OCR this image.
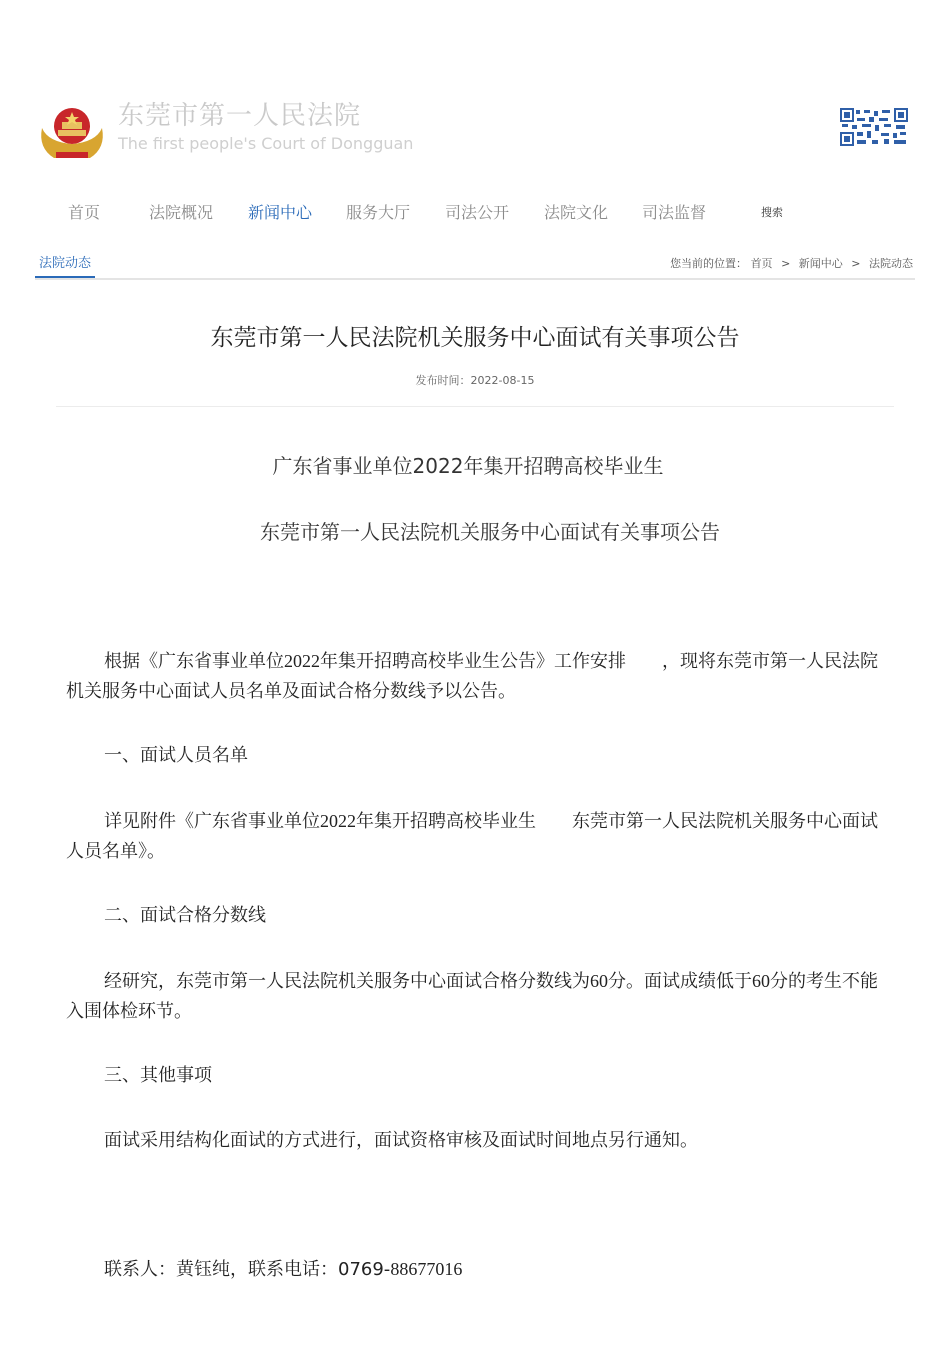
东莞市第一人民法院
The first people's Court of Dongguan
首页	法院概况 新闻中心 服务大厅 司法公开 法院文化 司法监督	搜索
法院动态	您当前的位置： 首页 > 新闻中心 > 法院动态
东莞市第一人民法院机关服务中心面试有关事项公告
发布时间：2022-08-15
广东省事业单位2022年集开招聘高校毕业生
东莞市第一人民法院机关服务中心面试有关事项公告

根据《广东省事业单位2022年集开招聘高校毕业生公告》工作安排 ，现将东莞市第一人民法院机关服务中心面试人员名单及面试合格分数线予以公告。

一、面试人员名单

详见附件《广东省事业单位2022年集开招聘高校毕业生 东莞市第一人民法院机关服务中心面试人员名单》。

二、面试合格分数线

经研究，东莞市第一人民法院机关服务中心面试合格分数线为60分。面试成绩低于60分的考生不能入围体检环节。

三、其他事项

面试采用结构化面试的方式进行，面试资格审核及面试时间地点另行通知。

联系人：黄钰纯，联系电话：0769-88677016
